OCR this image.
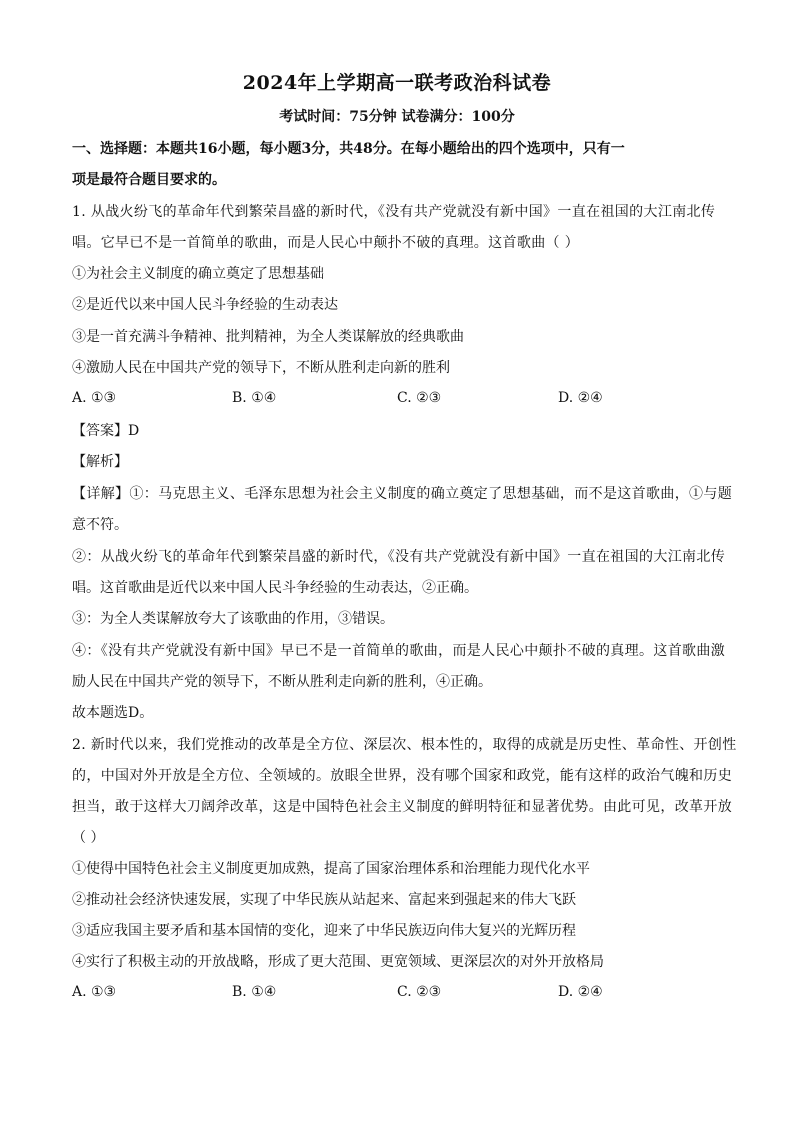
2024年上学期高一联考政治科试卷
考试时间：75分钟 试卷满分：100分
一、选择题：本题共16小题，每小题3分，共48分。在每小题给出的四个选项中，只有一
项是最符合题目要求的。
1. 从战火纷飞的革命年代到繁荣昌盛的新时代，《没有共产党就没有新中国》一直在祖国的大江南北传
唱。它早已不是一首简单的歌曲，而是人民心中颠扑不破的真理。这首歌曲（ ）
①为社会主义制度的确立奠定了思想基础
②是近代以来中国人民斗争经验的生动表达
③是一首充满斗争精神、批判精神，为全人类谋解放的经典歌曲
④激励人民在中国共产党的领导下，不断从胜利走向新的胜利
A. ①③	B. ①④	C. ②③	D. ②④
【答案】D
【解析】
【详解】①：马克思主义、毛泽东思想为社会主义制度的确立奠定了思想基础，而不是这首歌曲，①与题
意不符。
②：从战火纷飞的革命年代到繁荣昌盛的新时代，《没有共产党就没有新中国》一直在祖国的大江南北传
唱。这首歌曲是近代以来中国人民斗争经验的生动表达，②正确。
③：为全人类谋解放夸大了该歌曲的作用，③错误。
④：《没有共产党就没有新中国》早已不是一首简单的歌曲，而是人民心中颠扑不破的真理。这首歌曲激
励人民在中国共产党的领导下，不断从胜利走向新的胜利，④正确。
故本题选D。
2. 新时代以来，我们党推动的改革是全方位、深层次、根本性的，取得的成就是历史性、革命性、开创性
的，中国对外开放是全方位、全领域的。放眼全世界，没有哪个国家和政党，能有这样的政治气魄和历史
担当，敢于这样大刀阔斧改革，这是中国特色社会主义制度的鲜明特征和显著优势。由此可见，改革开放
（ ）
①使得中国特色社会主义制度更加成熟，提高了国家治理体系和治理能力现代化水平
②推动社会经济快速发展，实现了中华民族从站起来、富起来到强起来的伟大飞跃
③适应我国主要矛盾和基本国情的变化，迎来了中华民族迈向伟大复兴的光辉历程
④实行了积极主动的开放战略，形成了更大范围、更宽领域、更深层次的对外开放格局
A. ①③	B. ①④	C. ②③	D. ②④
